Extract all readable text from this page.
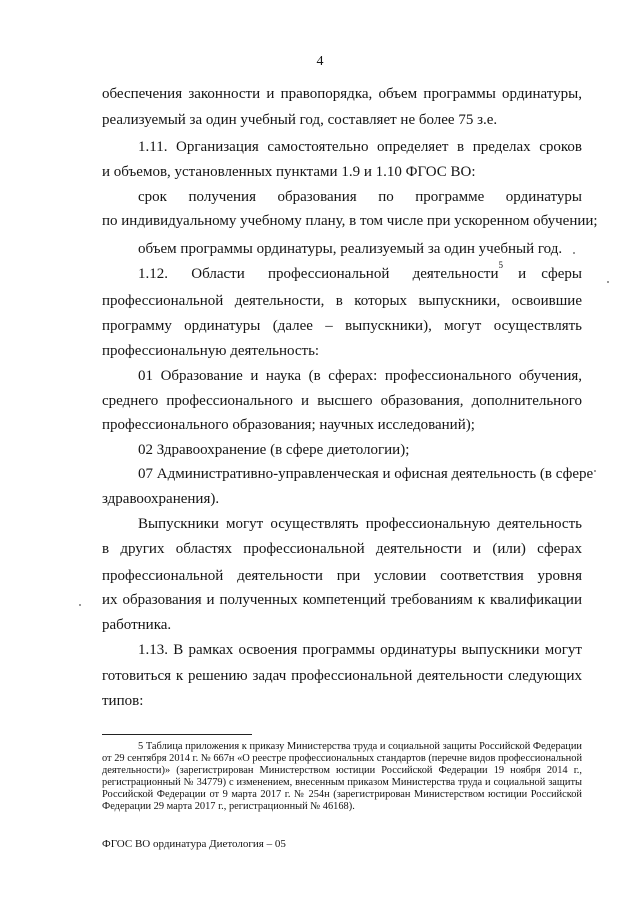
4
обеспечения законности и правопорядка, объем программы ординатуры,
реализуемый за один учебный год, составляет не более 75 з.е.
1.11. Организация самостоятельно определяет в пределах сроков
и объемов, установленных пунктами 1.9 и 1.10 ФГОС ВО:
срок получения образования по программе ординатуры
по индивидуальному учебному плану, в том числе при ускоренном обучении;
объем программы ординатуры, реализуемый за один учебный год.
1.12. Области профессиональной деятельности
5
и сферы
профессиональной деятельности, в которых выпускники, освоившие
программу ординатуры (далее – выпускники), могут осуществлять
профессиональную деятельность:
01 Образование и наука (в сферах: профессионального обучения,
среднего профессионального и высшего образования, дополнительного
профессионального образования; научных исследований);
02 Здравоохранение (в сфере диетологии);
07 Административно-управленческая и офисная деятельность (в сфере
здравоохранения).
Выпускники могут осуществлять профессиональную деятельность
в других областях профессиональной деятельности и (или) сферах
профессиональной деятельности при условии соответствия уровня
их образования и полученных компетенций требованиям к квалификации
работника.
1.13. В рамках освоения программы ординатуры выпускники могут
готовиться к решению задач профессиональной деятельности следующих
типов:
5 Таблица приложения к приказу Министерства труда и социальной защиты Российской Федерации
от 29 сентября 2014 г. № 667н «О реестре профессиональных стандартов (перечне видов профессиональной
деятельности)» (зарегистрирован Министерством юстиции Российской Федерации 19 ноября 2014 г.,
регистрационный № 34779) с изменением, внесенным приказом Министерства труда и социальной защиты
Российской Федерации от 9 марта 2017 г. № 254н (зарегистрирован Министерством юстиции Российской
Федерации 29 марта 2017 г., регистрационный № 46168).
ФГОС ВО ординатура Диетология – 05
